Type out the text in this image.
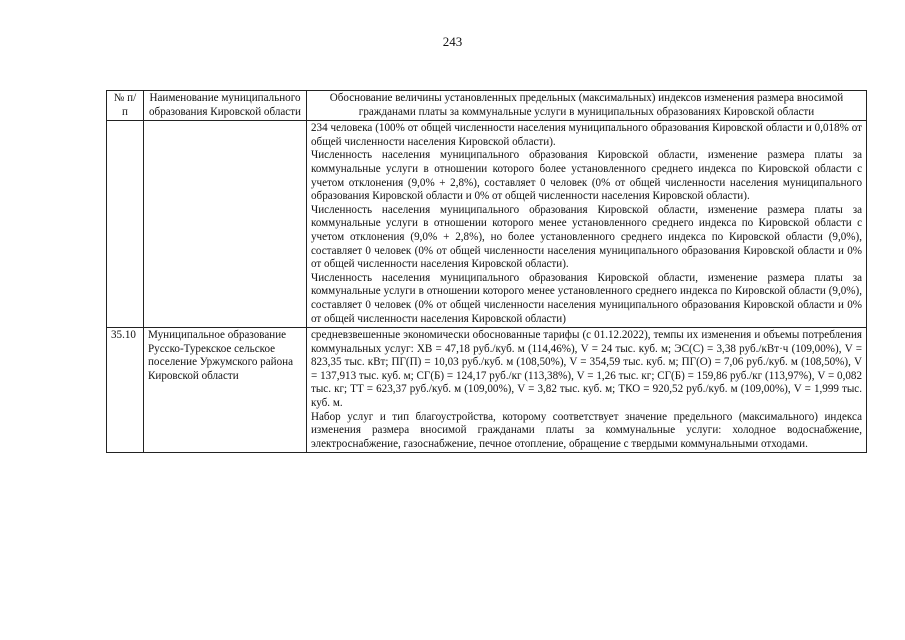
243
№ п/п	Наименование муниципального образования Кировской области	Обоснование величины установленных предельных (максимальных) индексов изменения размера вносимой гражданами платы за коммунальные услуги в муниципальных образованиях Кировской области

		234 человека (100% от общей численности населения муниципального образования Кировской области и 0,018% от общей численности населения Кировской области).

Численность населения муниципального образования Кировской области, изменение размера платы за коммунальные услуги в отношении которого более установленного среднего индекса по Кировской области с учетом отклонения (9,0% + 2,8%), составляет 0 человек (0% от общей численности населения муниципального образования Кировской области и 0% от общей численности населения Кировской области).

Численность населения муниципального образования Кировской области, изменение размера платы за коммунальные услуги в отношении которого менее установленного среднего индекса по Кировской области с учетом отклонения (9,0% + 2,8%), но более установленного среднего индекса по Кировской области (9,0%), составляет 0 человек (0% от общей численности населения муниципального образования Кировской области и 0% от общей численности населения Кировской области).

Численность населения муниципального образования Кировской области, изменение размера платы за коммунальные услуги в отношении которого менее установленного среднего индекса по Кировской области (9,0%), составляет 0 человек (0% от общей численности населения муниципального образования Кировской области и 0% от общей численности населения Кировской области)

35.10	Муниципальное образование Русско-Турекское сельское поселение Уржумского района Кировской области	средневзвешенные экономически обоснованные тарифы (с 01.12.2022), темпы их изменения и объемы потребления коммунальных услуг: ХВ = 47,18 руб./куб. м (114,46%), V = 24 тыс. куб. м; ЭС(С) = 3,38 руб./кВт·ч (109,00%), V = 823,35 тыс. кВт; ПГ(П) = 10,03 руб./куб. м (108,50%), V = 354,59 тыс. куб. м; ПГ(О) = 7,06 руб./куб. м (108,50%), V = 137,913 тыс. куб. м; СГ(Б) = 124,17 руб./кг (113,38%), V = 1,26 тыс. кг; СГ(Б) = 159,86 руб./кг (113,97%), V = 0,082 тыс. кг; ТТ = 623,37 руб./куб. м (109,00%), V = 3,82 тыс. куб. м; ТКО = 920,52 руб./куб. м (109,00%), V = 1,999 тыс. куб. м.

Набор услуг и тип благоустройства, которому соответствует значение предельного (максимального) индекса изменения размера вносимой гражданами платы за коммунальные услуги: холодное водоснабжение, электроснабжение, газоснабжение, печное отопление, обращение с твердыми коммунальными отходами.
